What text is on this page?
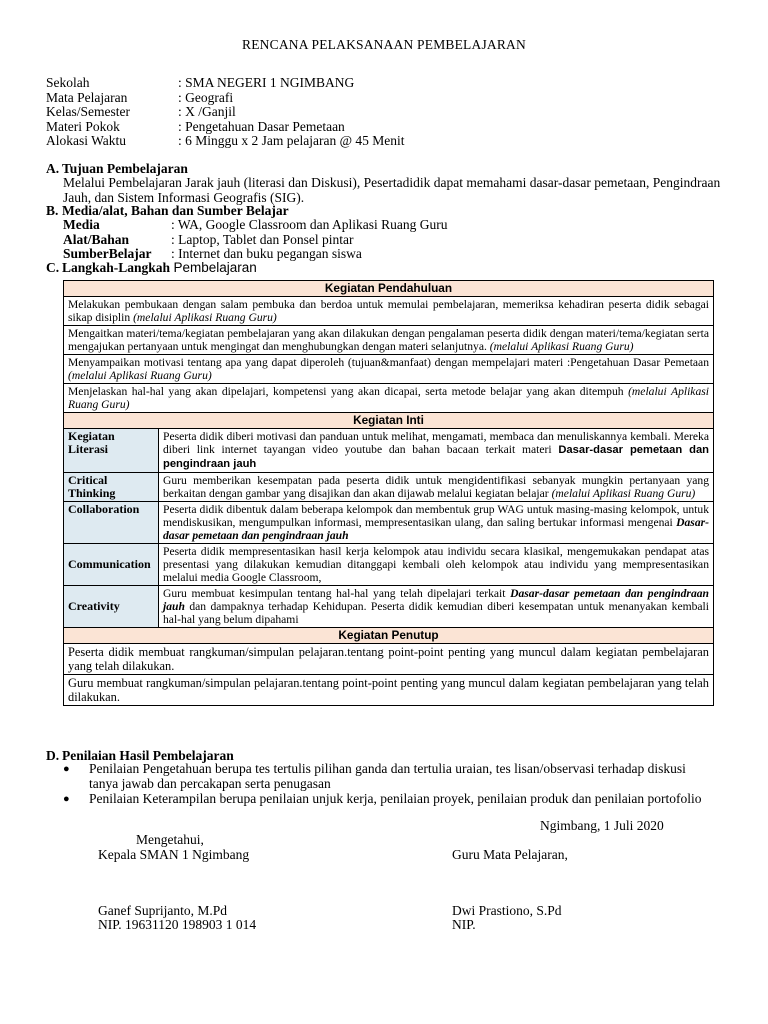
RENCANA PELAKSANAAN PEMBELAJARAN
Sekolah	: SMA NEGERI 1 NGIMBANG
Mata Pelajaran	: Geografi
Kelas/Semester	: X /Ganjil
Materi Pokok	: Pengetahuan Dasar Pemetaan
Alokasi Waktu	: 6 Minggu x 2 Jam pelajaran @ 45 Menit
A. Tujuan Pembelajaran
Melalui Pembelajaran Jarak jauh (literasi dan Diskusi), Pesertadidik dapat memahami dasar-dasar pemetaan, Pengindraan Jauh, dan Sistem Informasi Geografis (SIG).
B. Media/alat, Bahan dan Sumber Belajar
Media	: WA, Google Classroom dan Aplikasi Ruang Guru
Alat/Bahan	: Laptop, Tablet dan Ponsel pintar
SumberBelajar	: Internet dan buku pegangan siswa
C. Langkah-Langkah Pembelajaran
Kegiatan Pendahuluan	
Melakukan pembukaan dengan salam pembuka dan berdoa untuk memulai pembelajaran, memeriksa kehadiran peserta didik sebagai sikap disiplin (melalui Aplikasi Ruang Guru)	
Mengaitkan materi/tema/kegiatan pembelajaran yang akan dilakukan dengan pengalaman peserta didik dengan materi/tema/kegiatan serta mengajukan pertanyaan untuk mengingat dan menghubungkan dengan materi selanjutnya. (melalui Aplikasi Ruang Guru)	
Menyampaikan motivasi tentang apa yang dapat diperoleh (tujuan&manfaat) dengan mempelajari materi :Pengetahuan Dasar Pemetaan (melalui Aplikasi Ruang Guru)	
Menjelaskan hal-hal yang akan dipelajari, kompetensi yang akan dicapai, serta metode belajar yang akan ditempuh (melalui Aplikasi Ruang Guru)	
Kegiatan Inti	
Kegiatan Literasi	Peserta didik diberi motivasi dan panduan untuk melihat, mengamati, membaca dan menuliskannya kembali. Mereka diberi link internet tayangan video youtube dan bahan bacaan terkait materi Dasar-dasar pemetaan dan pengindraan jauh
Critical Thinking	Guru memberikan kesempatan pada peserta didik untuk mengidentifikasi sebanyak mungkin pertanyaan yang berkaitan dengan gambar yang disajikan dan akan dijawab melalui kegiatan belajar (melalui Aplikasi Ruang Guru)
Collaboration	Peserta didik dibentuk dalam beberapa kelompok dan membentuk grup WAG untuk masing-masing kelompok, untuk mendiskusikan, mengumpulkan informasi, mempresentasikan ulang, dan saling bertukar informasi mengenai Dasar-dasar pemetaan dan pengindraan jauh
Communication	Peserta didik mempresentasikan hasil kerja kelompok atau individu secara klasikal, mengemukakan pendapat atas presentasi yang dilakukan kemudian ditanggapi kembali oleh kelompok atau individu yang mempresentasikan melalui media Google Classroom,
Creativity	Guru membuat kesimpulan tentang hal-hal yang telah dipelajari terkait Dasar-dasar pemetaan dan pengindraan jauh dan dampaknya terhadap Kehidupan. Peserta didik kemudian diberi kesempatan untuk menanyakan kembali hal-hal yang belum dipahami
Kegiatan Penutup	
Peserta didik membuat rangkuman/simpulan pelajaran.tentang point-point penting yang muncul dalam kegiatan pembelajaran yang telah dilakukan.	
Guru membuat rangkuman/simpulan pelajaran.tentang point-point penting yang muncul dalam kegiatan pembelajaran yang telah dilakukan.	
D. Penilaian Hasil Pembelajaran
●	Penilaian Pengetahuan berupa tes tertulis pilihan ganda dan tertulia uraian, tes lisan/observasi terhadap diskusi tanya jawab dan percakapan serta penugasan
●	Penilaian Keterampilan berupa penilaian unjuk kerja, penilaian proyek, penilaian produk dan penilaian portofolio
Ngimbang, 1 Juli 2020
Mengetahui,
Kepala SMAN 1 Ngimbang	Guru Mata Pelajaran,
Ganef Suprijanto, M.Pd
NIP. 19631120 198903 1 014
Dwi Prastiono, S.Pd
NIP.
